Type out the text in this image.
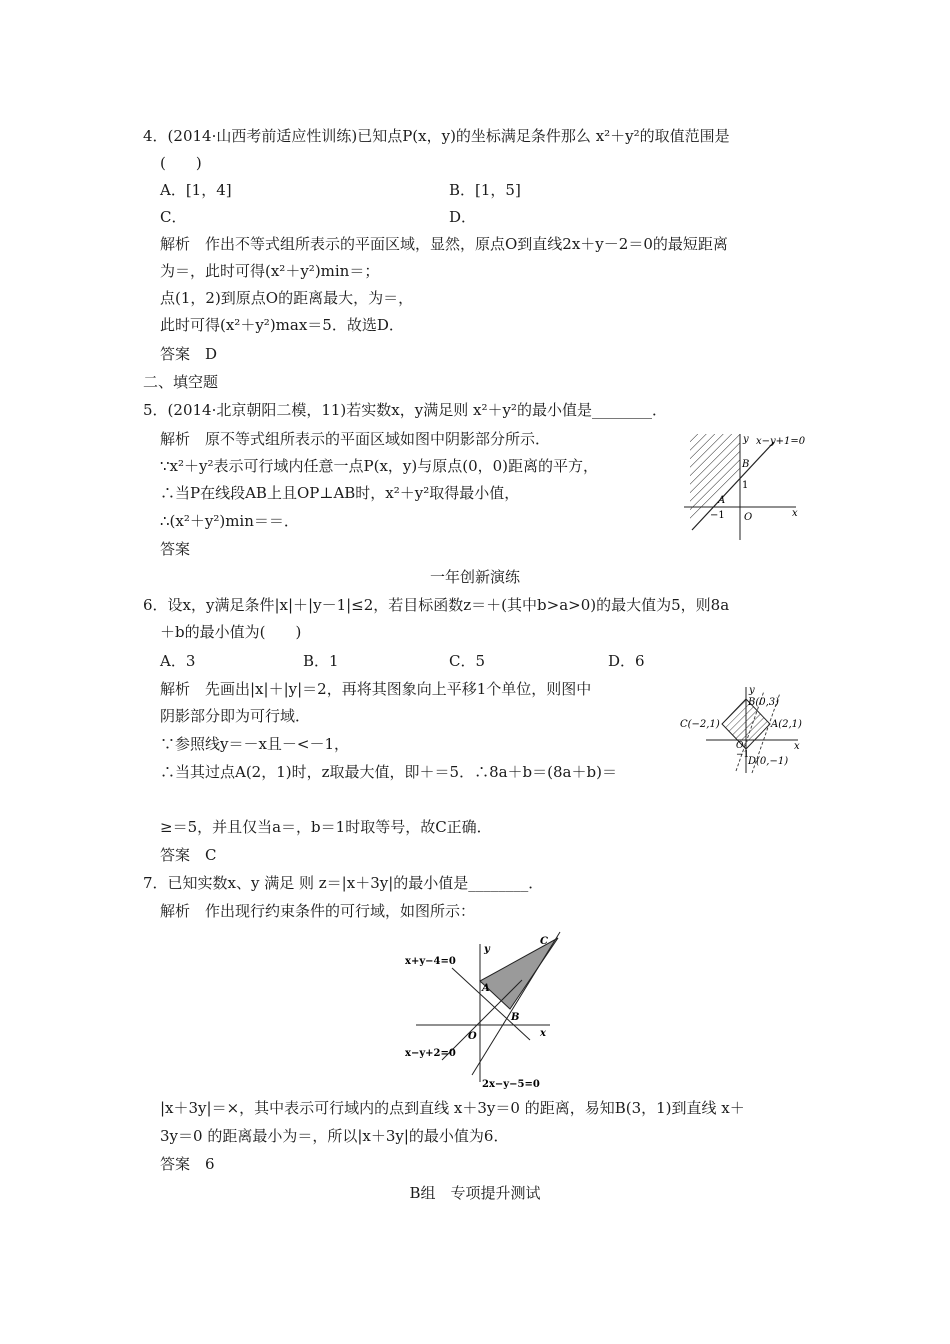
4．(2014·山西考前适应性训练)已知点P(x，y)的坐标满足条件那么 x²＋y²的取值范围是
(　　)
A．[1，4]	B．[1，5]
C．	D．
解析　作出不等式组所表示的平面区域，显然，原点O到直线2x＋y－2＝0的最短距离
为＝，此时可得(x²＋y²)min＝；
点(1，2)到原点O的距离最大，为＝，
此时可得(x²＋y²)max＝5．故选D．
答案　D
二、填空题
5．(2014·北京朝阳二模，11)若实数x，y满足则 x²＋y²的最小值是________．
解析　原不等式组所表示的平面区域如图中阴影部分所示．
∵x²＋y²表示可行域内任意一点P(x，y)与原点(0，0)距离的平方，
∴当P在线段AB上且OP⊥AB时，x²＋y²取得最小值，
∴(x²＋y²)min＝＝．
答案
y x−y+1=0
B
1
A
−1 O	x
一年创新演练
6．设x，y满足条件|x|＋|y－1|≤2，若目标函数z＝＋(其中b>a>0)的最大值为5，则8a
＋b的最小值为(　　)
A．3	B．1	C．5	D．6
解析　先画出|x|＋|y|＝2，再将其图象向上平移1个单位，则图中
阴影部分即为可行域．
∵参照线y＝－x且－<－1，
∴当其过点A(2，1)时，z取最大值，即＋＝5．∴8a＋b＝(8a＋b)＝
≥＝5，并且仅当a＝，b＝1时取等号，故C正确．
答案　C
y
B(0,3)
C(−2,1)	A(2,1)
−1
D(0,−1)
O	x
7．已知实数x、y 满足 则 z＝|x＋3y|的最小值是________．
解析　作出现行约束条件的可行域，如图所示：
x+y−4=0
x−y+2=0
2x−y−5=0
y
x
A
B
C
O
|x＋3y|＝×，其中表示可行域内的点到直线 x＋3y＝0 的距离，易知B(3，1)到直线 x＋
3y＝0 的距离最小为＝，所以|x＋3y|的最小值为6．
答案　6
B组　专项提升测试
